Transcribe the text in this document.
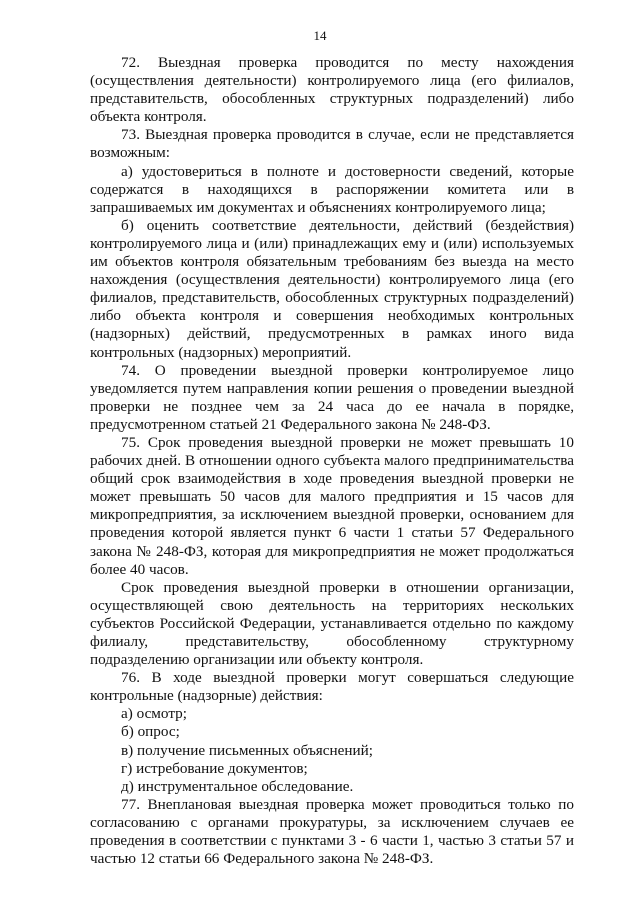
14

72. Выездная проверка проводится по месту нахождения (осуществления деятельности) контролируемого лица (его филиалов, представительств, обособленных структурных подразделений) либо объекта контроля.

73. Выездная проверка проводится в случае, если не представляется возможным:

а) удостовериться в полноте и достоверности сведений, которые содержатся в находящихся в распоряжении комитета или в запрашиваемых им документах и объяснениях контролируемого лица;

б) оценить соответствие деятельности, действий (бездействия) контролируемого лица и (или) принадлежащих ему и (или) используемых им объектов контроля обязательным требованиям без выезда на место нахождения (осуществления деятельности) контролируемого лица (его филиалов, представительств, обособленных структурных подразделений) либо объекта контроля и совершения необходимых контрольных (надзорных) действий, предусмотренных в рамках иного вида контрольных (надзорных) мероприятий.

74. О проведении выездной проверки контролируемое лицо уведомляется путем направления копии решения о проведении выездной проверки не позднее чем за 24 часа до ее начала в порядке, предусмотренном статьей 21 Федерального закона № 248-ФЗ.

75. Срок проведения выездной проверки не может превышать 10 рабочих дней. В отношении одного субъекта малого предпринимательства общий срок взаимодействия в ходе проведения выездной проверки не может превышать 50 часов для малого предприятия и 15 часов для микропредприятия, за исключением выездной проверки, основанием для проведения которой является пункт 6 части 1 статьи 57 Федерального закона № 248-ФЗ, которая для микропредприятия не может продолжаться более 40 часов.

Срок проведения выездной проверки в отношении организации, осуществляющей свою деятельность на территориях нескольких субъектов Российской Федерации, устанавливается отдельно по каждому филиалу, представительству, обособленному структурному подразделению организации или объекту контроля.

76. В ходе выездной проверки могут совершаться следующие контрольные (надзорные) действия:

а) осмотр;

б) опрос;

в) получение письменных объяснений;

г) истребование документов;

д) инструментальное обследование.

77. Внеплановая выездная проверка может проводиться только по согласованию с органами прокуратуры, за исключением случаев ее проведения в соответствии с пунктами 3 - 6 части 1, частью 3 статьи 57 и частью 12 статьи 66 Федерального закона № 248-ФЗ.
